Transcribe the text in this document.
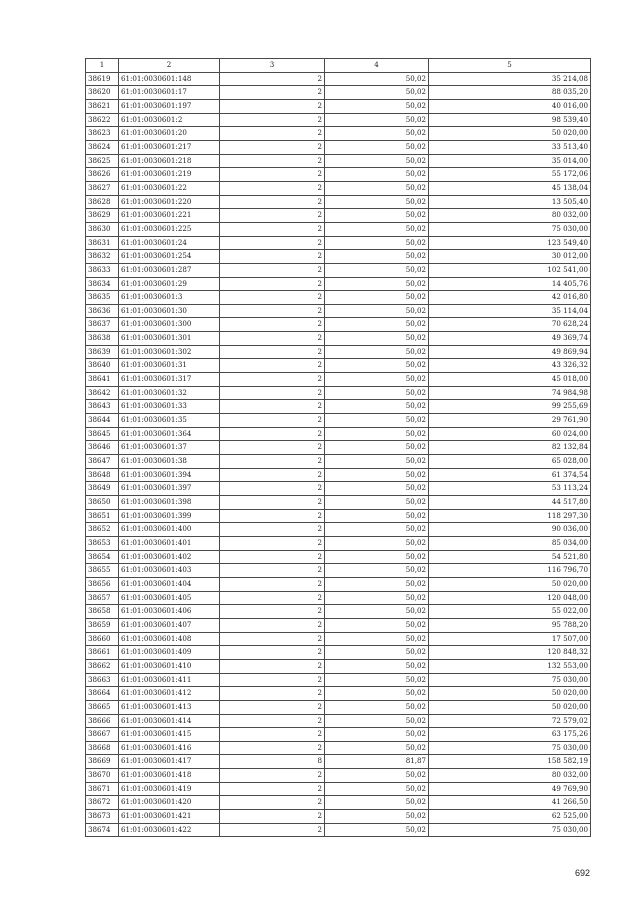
1	2	3	4	5
38619	61:01:0030601:148	2	50,02	35 214,08
38620	61:01:0030601:17	2	50,02	88 035,20
38621	61:01:0030601:197	2	50,02	40 016,00
38622	61:01:0030601:2	2	50,02	98 539,40
38623	61:01:0030601:20	2	50,02	50 020,00
38624	61:01:0030601:217	2	50,02	33 513,40
38625	61:01:0030601:218	2	50,02	35 014,00
38626	61:01:0030601:219	2	50,02	55 172,06
38627	61:01:0030601:22	2	50,02	45 138,04
38628	61:01:0030601:220	2	50,02	13 505,40
38629	61:01:0030601:221	2	50,02	80 032,00
38630	61:01:0030601:225	2	50,02	75 030,00
38631	61:01:0030601:24	2	50,02	123 549,40
38632	61:01:0030601:254	2	50,02	30 012,00
38633	61:01:0030601:287	2	50,02	102 541,00
38634	61:01:0030601:29	2	50,02	14 405,76
38635	61:01:0030601:3	2	50,02	42 016,80
38636	61:01:0030601:30	2	50,02	35 114,04
38637	61:01:0030601:300	2	50,02	70 628,24
38638	61:01:0030601:301	2	50,02	49 369,74
38639	61:01:0030601:302	2	50,02	49 869,94
38640	61:01:0030601:31	2	50,02	43 326,32
38641	61:01:0030601:317	2	50,02	45 018,00
38642	61:01:0030601:32	2	50,02	74 984,98
38643	61:01:0030601:33	2	50,02	99 255,69
38644	61:01:0030601:35	2	50,02	29 761,90
38645	61:01:0030601:364	2	50,02	60 024,00
38646	61:01:0030601:37	2	50,02	82 132,84
38647	61:01:0030601:38	2	50,02	65 028,00
38648	61:01:0030601:394	2	50,02	61 374,54
38649	61:01:0030601:397	2	50,02	53 113,24
38650	61:01:0030601:398	2	50,02	44 517,80
38651	61:01:0030601:399	2	50,02	118 297,30
38652	61:01:0030601:400	2	50,02	90 036,00
38653	61:01:0030601:401	2	50,02	85 034,00
38654	61:01:0030601:402	2	50,02	54 521,80
38655	61:01:0030601:403	2	50,02	116 796,70
38656	61:01:0030601:404	2	50,02	50 020,00
38657	61:01:0030601:405	2	50,02	120 048,00
38658	61:01:0030601:406	2	50,02	55 022,00
38659	61:01:0030601:407	2	50,02	95 788,20
38660	61:01:0030601:408	2	50,02	17 507,00
38661	61:01:0030601:409	2	50,02	120 848,32
38662	61:01:0030601:410	2	50,02	132 553,00
38663	61:01:0030601:411	2	50,02	75 030,00
38664	61:01:0030601:412	2	50,02	50 020,00
38665	61:01:0030601:413	2	50,02	50 020,00
38666	61:01:0030601:414	2	50,02	72 579,02
38667	61:01:0030601:415	2	50,02	63 175,26
38668	61:01:0030601:416	2	50,02	75 030,00
38669	61:01:0030601:417	8	81,87	158 582,19
38670	61:01:0030601:418	2	50,02	80 032,00
38671	61:01:0030601:419	2	50,02	49 769,90
38672	61:01:0030601:420	2	50,02	41 266,50
38673	61:01:0030601:421	2	50,02	62 525,00
38674	61:01:0030601:422	2	50,02	75 030,00
692
